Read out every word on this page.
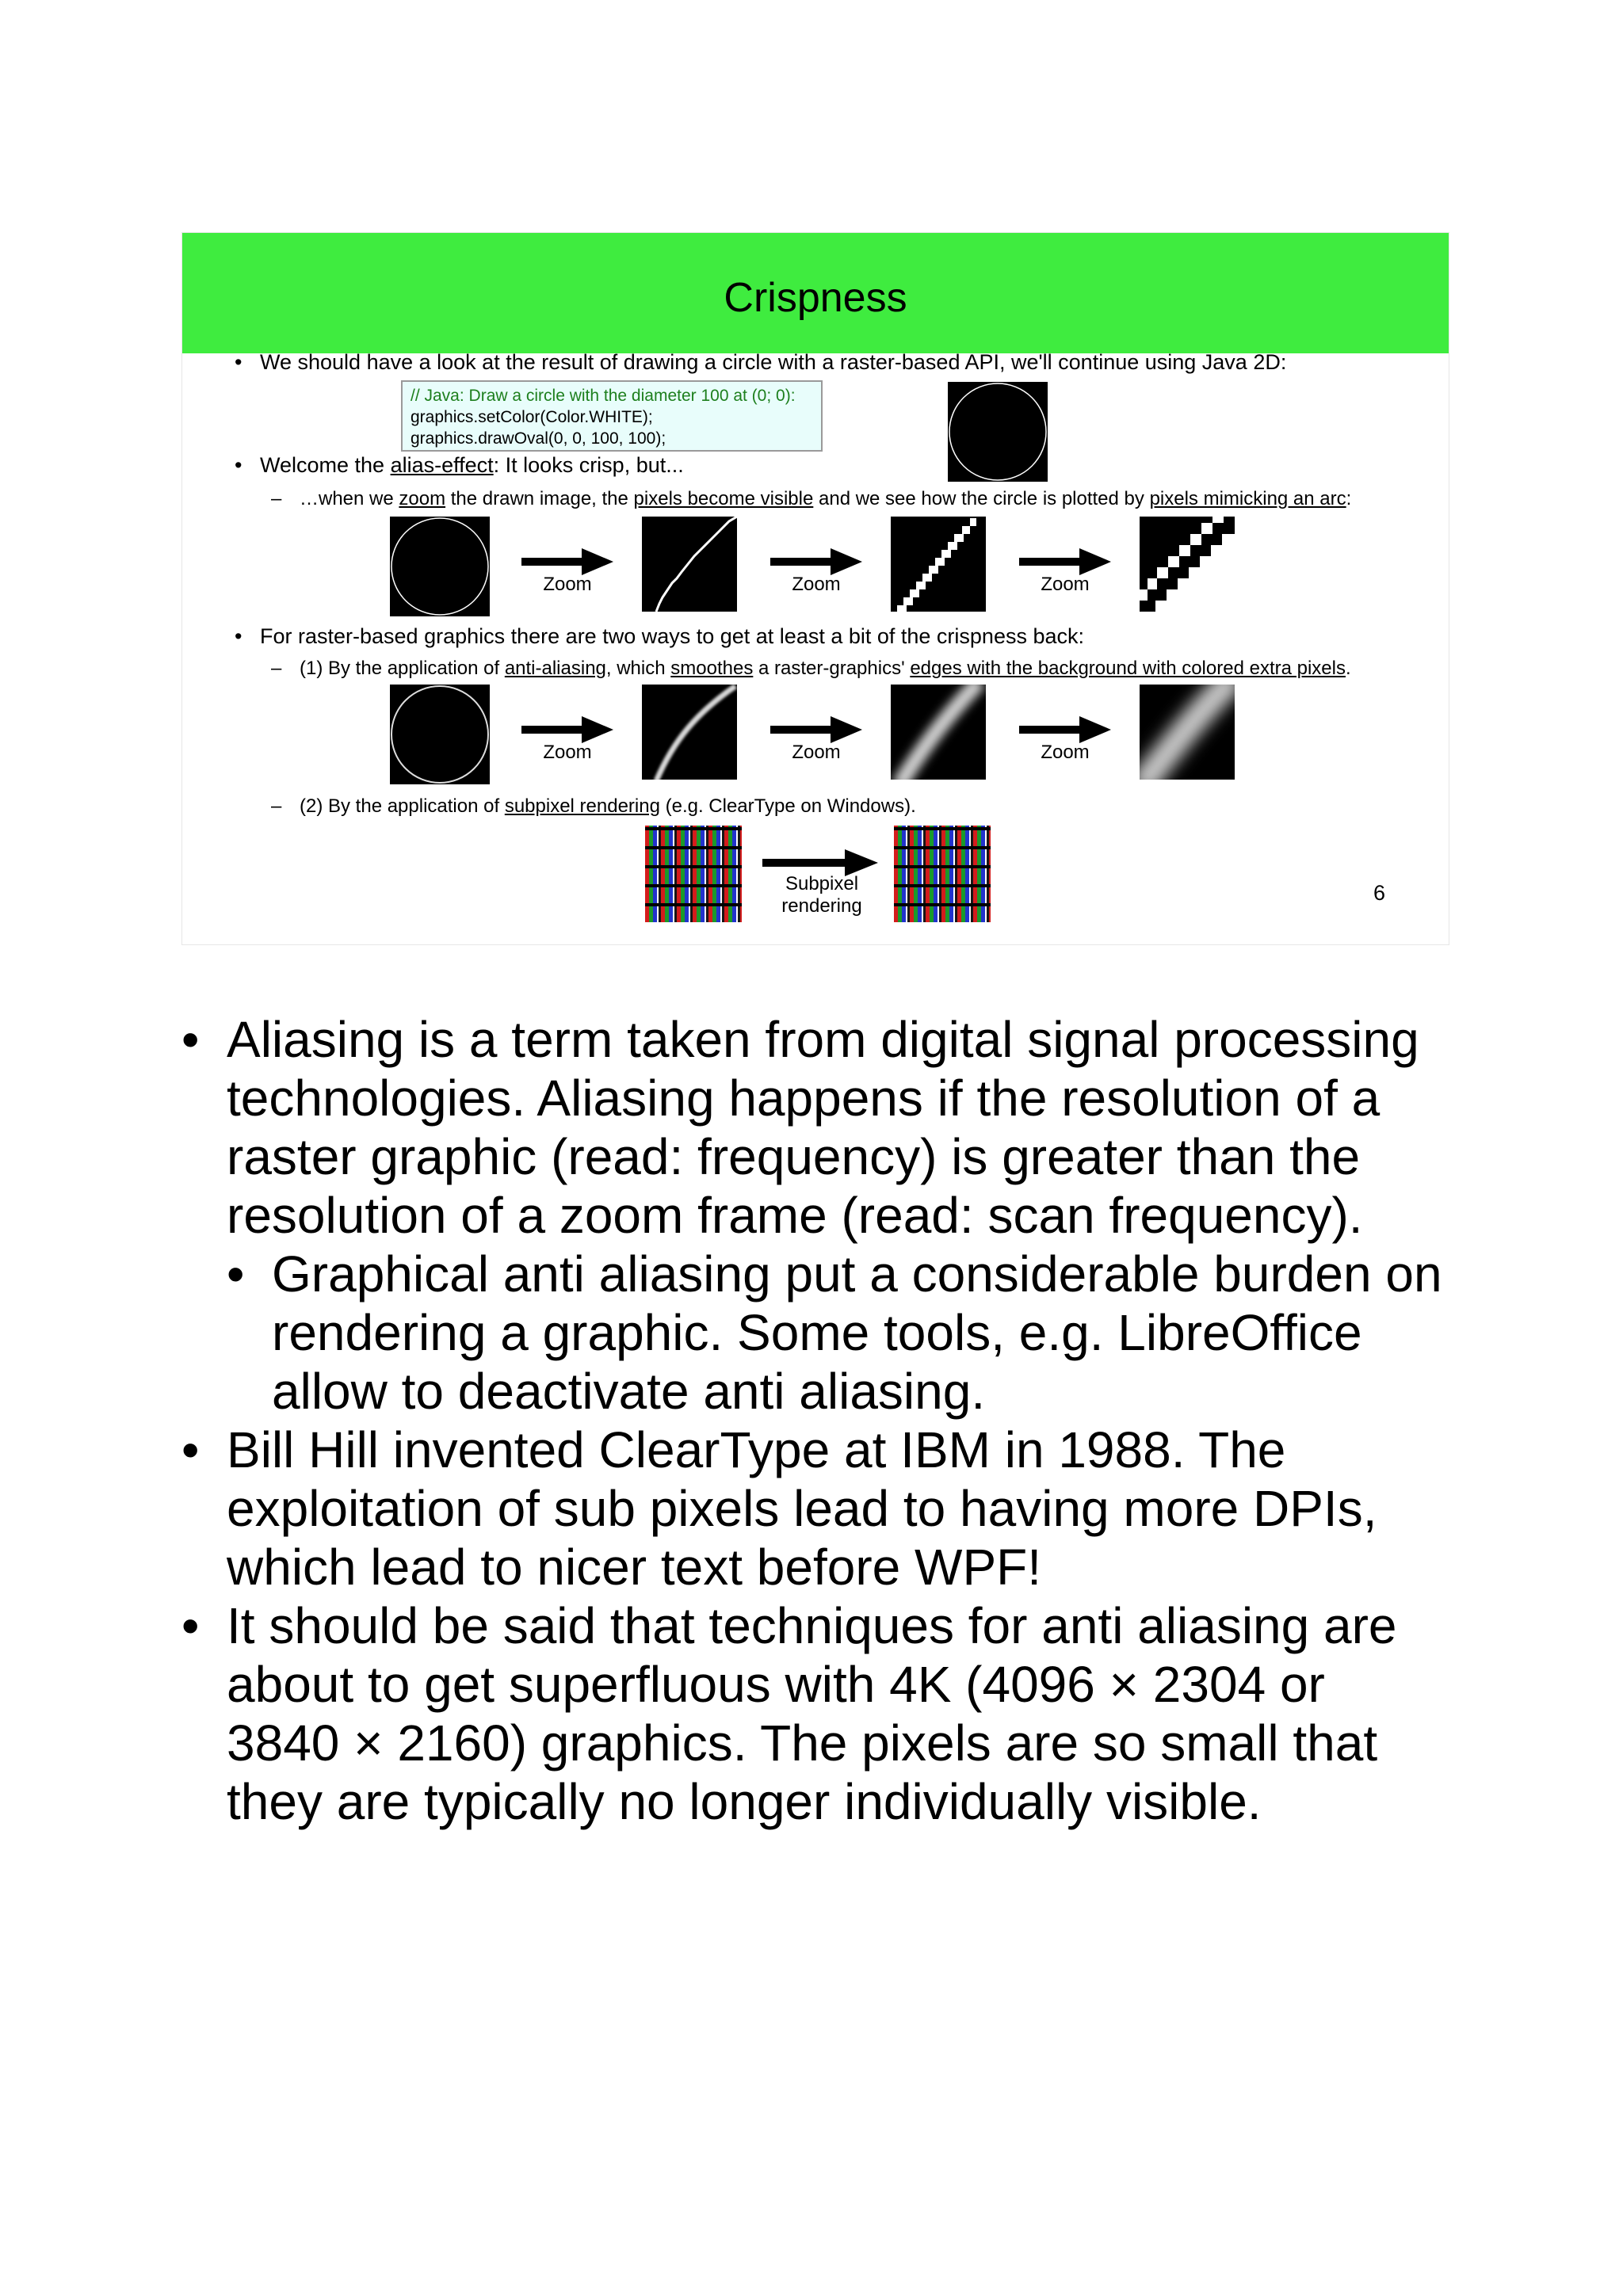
Crispness
• We should have a look at the result of drawing a circle with a raster-based API, we'll continue using Java 2D:
// Java: Draw a circle with the diameter 100 at (0; 0):
graphics.setColor(Color.WHITE);
graphics.drawOval(0, 0, 100, 100);
• Welcome the alias-effect: It looks crisp, but...
– …when we zoom the drawn image, the pixels become visible and we see how the circle is plotted by pixels mimicking an arc:
Zoom	Zoom	Zoom
• For raster-based graphics there are two ways to get at least a bit of the crispness back:
– (1) By the application of anti-aliasing, which smoothes a raster-graphics' edges with the background with colored extra pixels.
Zoom	Zoom	Zoom
– (2) By the application of subpixel rendering (e.g. ClearType on Windows).
Subpixel
rendering
6
• Aliasing is a term taken from digital signal processing technologies. Aliasing happens if the resolution of a raster graphic (read: frequency) is greater than the resolution of a zoom frame (read: scan frequency).
• Graphical anti aliasing put a considerable burden on rendering a graphic. Some tools, e.g. LibreOffice allow to deactivate anti aliasing.
• Bill Hill invented ClearType at IBM in 1988. The exploitation of sub pixels lead to having more DPIs, which lead to nicer text before WPF!
• It should be said that techniques for anti aliasing are about to get superfluous with 4K (4096 × 2304 or 3840 × 2160) graphics. The pixels are so small that they are typically no longer individually visible.
